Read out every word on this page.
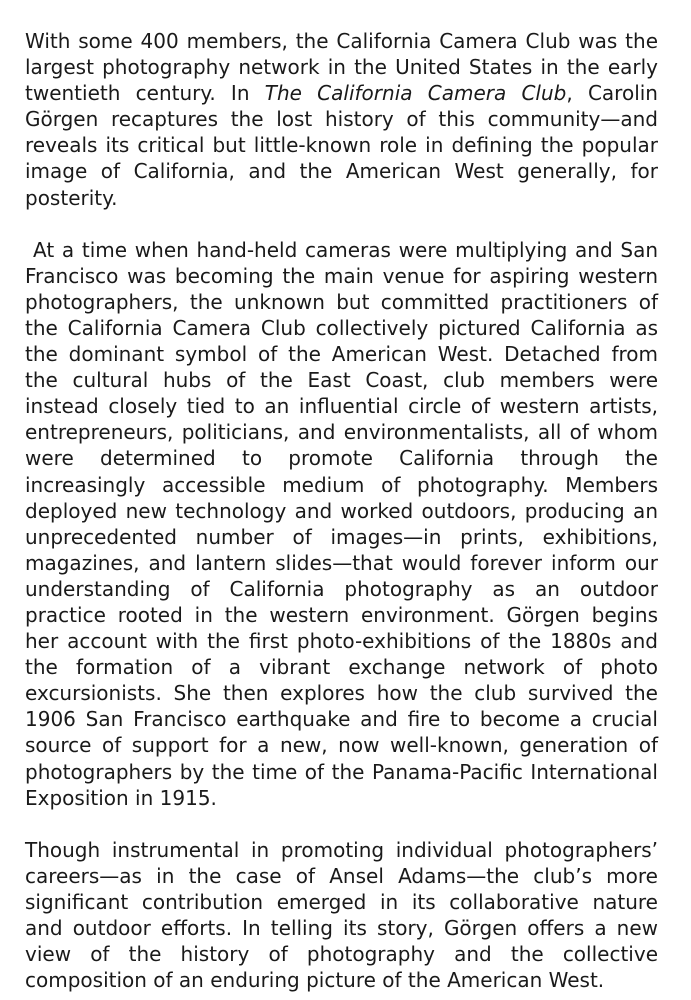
With some 400 members, the California Camera Club was the largest photography network in the United States in the early twentieth century. In The California Camera Club, Carolin Görgen recaptures the lost history of this community—and reveals its critical but little-known role in defining the popular image of California, and the American West generally, for posterity.

At a time when hand-held cameras were multiplying and San Francisco was becoming the main venue for aspiring western photographers, the unknown but committed practitioners of the California Camera Club collectively pictured California as the dominant symbol of the American West. Detached from the cultural hubs of the East Coast, club members were instead closely tied to an influential circle of western artists, entrepreneurs, politicians, and environmentalists, all of whom were determined to promote California through the increasingly accessible medium of photography. Members deployed new technology and worked outdoors, producing an unprecedented number of images—in prints, exhibitions, magazines, and lantern slides—that would forever inform our understanding of California photography as an outdoor practice rooted in the western environment. Görgen begins her account with the first photo-exhibitions of the 1880s and the formation of a vibrant exchange network of photo excursionists. She then explores how the club survived the 1906 San Francisco earthquake and fire to become a crucial source of support for a new, now well-known, generation of photographers by the time of the Panama-Pacific International Exposition in 1915.

Though instrumental in promoting individual photographers’ careers—as in the case of Ansel Adams—the club’s more significant contribution emerged in its collaborative nature and outdoor efforts. In telling its story, Görgen offers a new view of the history of photography and the collective composition of an enduring picture of the American West.
